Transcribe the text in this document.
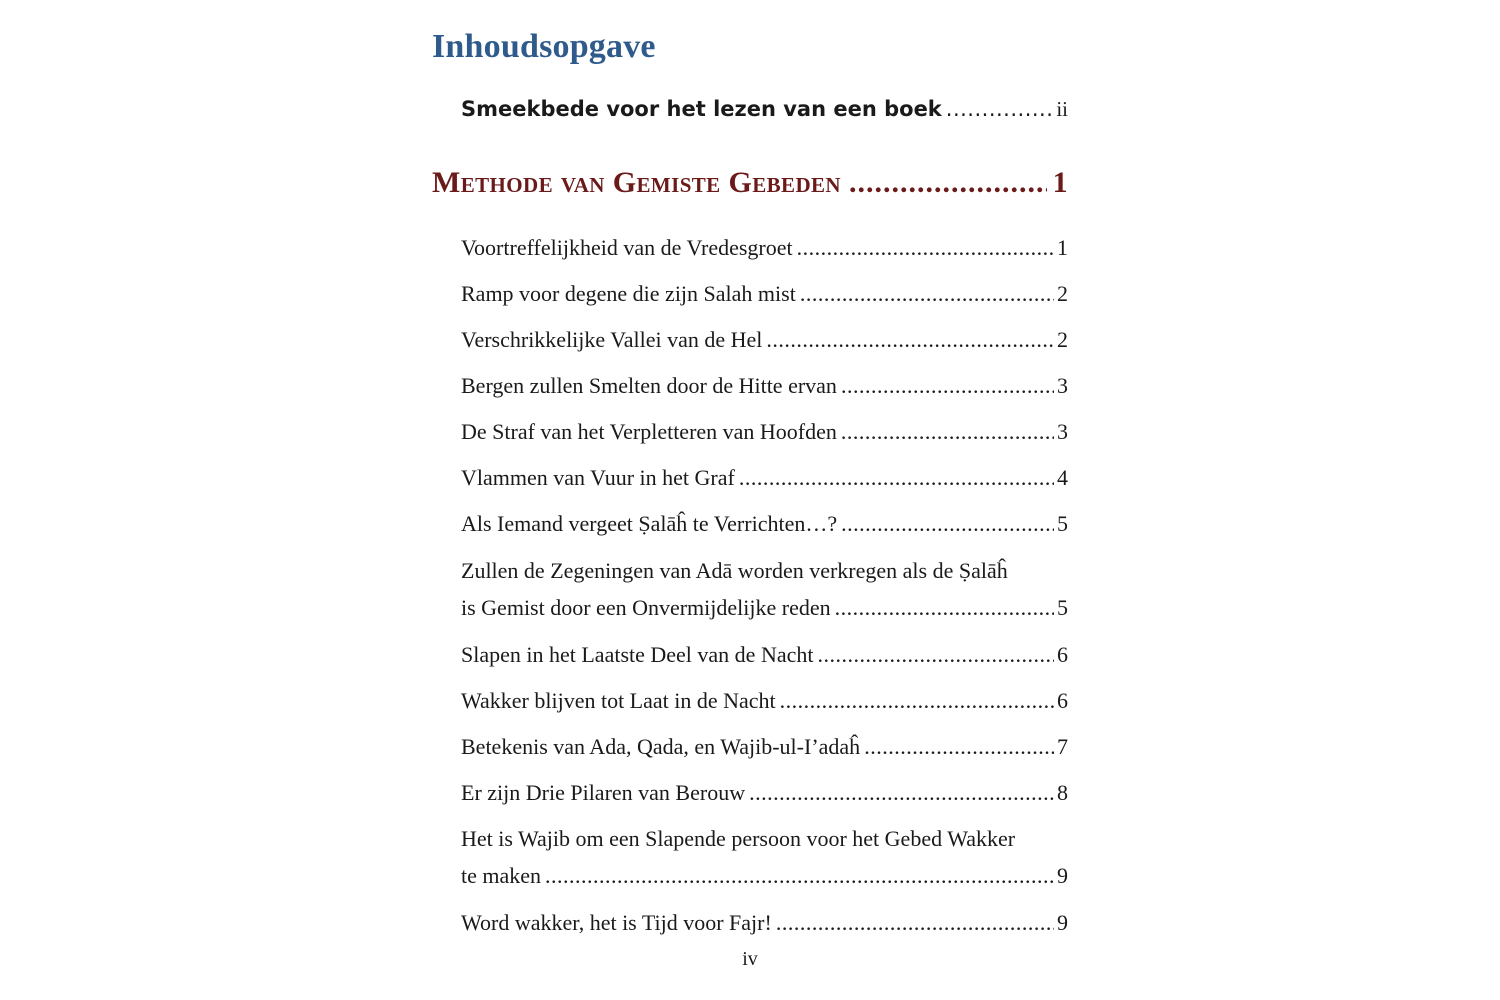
Inhoudsopgave
Smeekbede voor het lezen van een boek .....	ii
Methode van Gemiste Gebeden .....	1
Voortreffelijkheid van de Vredesgroet .....	1
Ramp voor degene die zijn Salah mist .....	2
Verschrikkelijke Vallei van de Hel .....	2
Bergen zullen Smelten door de Hitte ervan .....	3
De Straf van het Verpletteren van Hoofden .....	3
Vlammen van Vuur in het Graf .....	4
Als Iemand vergeet Ṣalāĥ te Verrichten…? .....	5
Zullen de Zegeningen van Adā worden verkregen als de Ṣalāĥ
is Gemist door een Onvermijdelijke reden .....	5
Slapen in het Laatste Deel van de Nacht .....	6
Wakker blijven tot Laat in de Nacht .....	6
Betekenis van Ada, Qada, en Wajib-ul-I’adaĥ .....	7
Er zijn Drie Pilaren van Berouw .....	8
Het is Wajib om een Slapende persoon voor het Gebed Wakker
te maken .....	9
Word wakker, het is Tijd voor Fajr! .....	9
iv
